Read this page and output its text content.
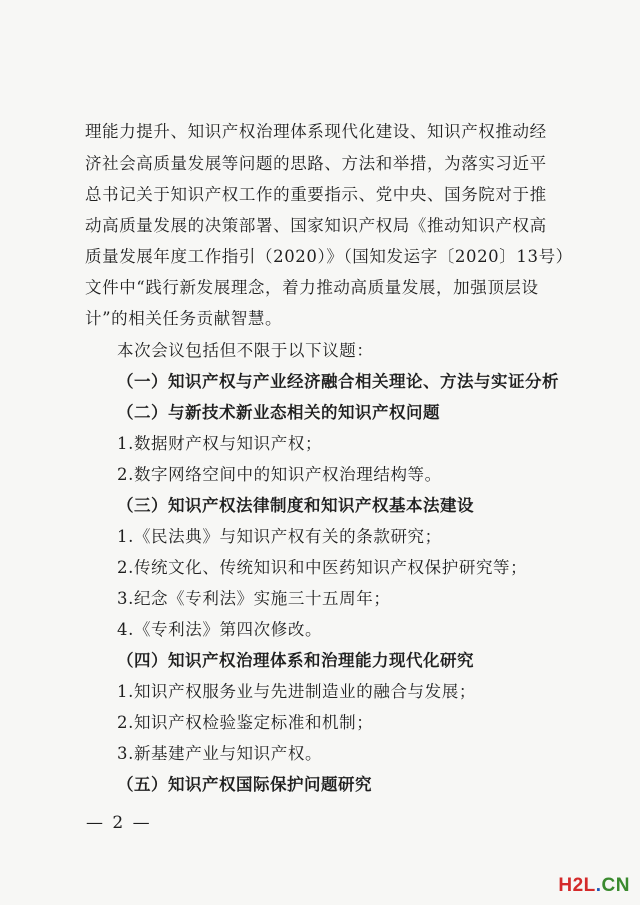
理能力提升、知识产权治理体系现代化建设、知识产权推动经
济社会高质量发展等问题的思路、方法和举措，为落实习近平
总书记关于知识产权工作的重要指示、党中央、国务院对于推
动高质量发展的决策部署、国家知识产权局《推动知识产权高
质量发展年度工作指引（2020）》（国知发运字〔2020〕13号）
文件中“践行新发展理念，着力推动高质量发展，加强顶层设
计”的相关任务贡献智慧。
本次会议包括但不限于以下议题：
（一）知识产权与产业经济融合相关理论、方法与实证分析
（二）与新技术新业态相关的知识产权问题
1.数据财产权与知识产权；
2.数字网络空间中的知识产权治理结构等。
（三）知识产权法律制度和知识产权基本法建设
1.《民法典》与知识产权有关的条款研究；
2.传统文化、传统知识和中医药知识产权保护研究等；
3.纪念《专利法》实施三十五周年；
4.《专利法》第四次修改。
（四）知识产权治理体系和治理能力现代化研究
1.知识产权服务业与先进制造业的融合与发展；
2.知识产权检验鉴定标准和机制；
3.新基建产业与知识产权。
（五）知识产权国际保护问题研究
— 2 —
H2L.CN
